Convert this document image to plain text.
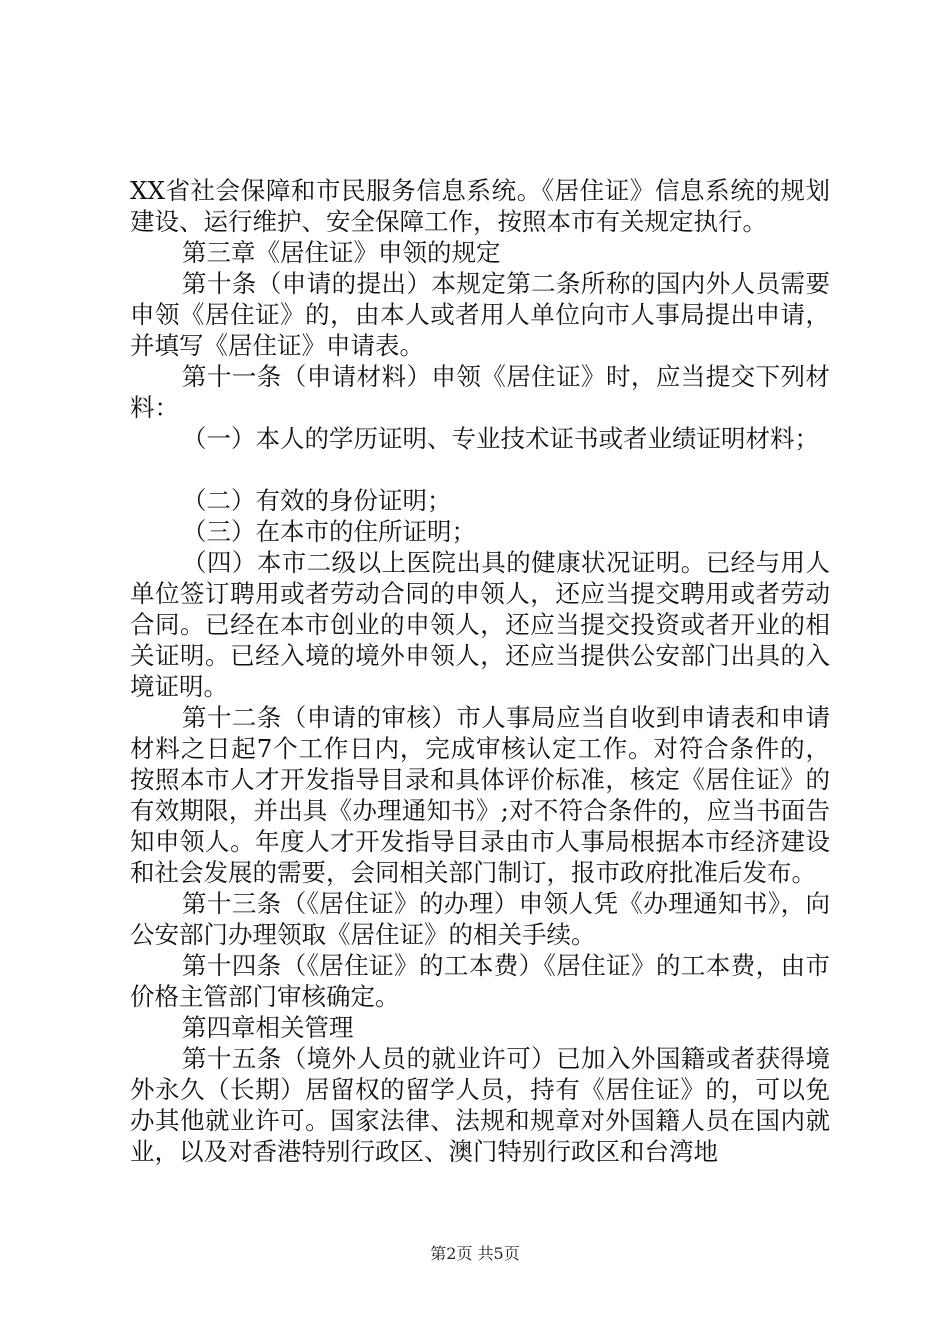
XX省社会保障和市民服务信息系统。《居住证》信息系统的规划建设、运行维护、安全保障工作，按照本市有关规定执行。

第三章《居住证》申领的规定

第十条（申请的提出）本规定第二条所称的国内外人员需要申领《居住证》的，由本人或者用人单位向市人事局提出申请，并填写《居住证》申请表。

第十一条（申请材料）申领《居住证》时，应当提交下列材料：

（一）本人的学历证明、专业技术证书或者业绩证明材料；

（二）有效的身份证明；

（三）在本市的住所证明；

（四）本市二级以上医院出具的健康状况证明。已经与用人单位签订聘用或者劳动合同的申领人，还应当提交聘用或者劳动合同。已经在本市创业的申领人，还应当提交投资或者开业的相关证明。已经入境的境外申领人，还应当提供公安部门出具的入境证明。

第十二条（申请的审核）市人事局应当自收到申请表和申请材料之日起7个工作日内，完成审核认定工作。对符合条件的，按照本市人才开发指导目录和具体评价标准，核定《居住证》的有效期限，并出具《办理通知书》;对不符合条件的，应当书面告知申领人。年度人才开发指导目录由市人事局根据本市经济建设和社会发展的需要，会同相关部门制订，报市政府批准后发布。

第十三条（《居住证》的办理）申领人凭《办理通知书》，向公安部门办理领取《居住证》的相关手续。

第十四条（《居住证》的工本费）《居住证》的工本费，由市价格主管部门审核确定。

第四章相关管理

第十五条（境外人员的就业许可）已加入外国籍或者获得境外永久（长期）居留权的留学人员，持有《居住证》的，可以免办其他就业许可。国家法律、法规和规章对外国籍人员在国内就业，以及对香港特别行政区、澳门特别行政区和台湾地

第2页 共5页
